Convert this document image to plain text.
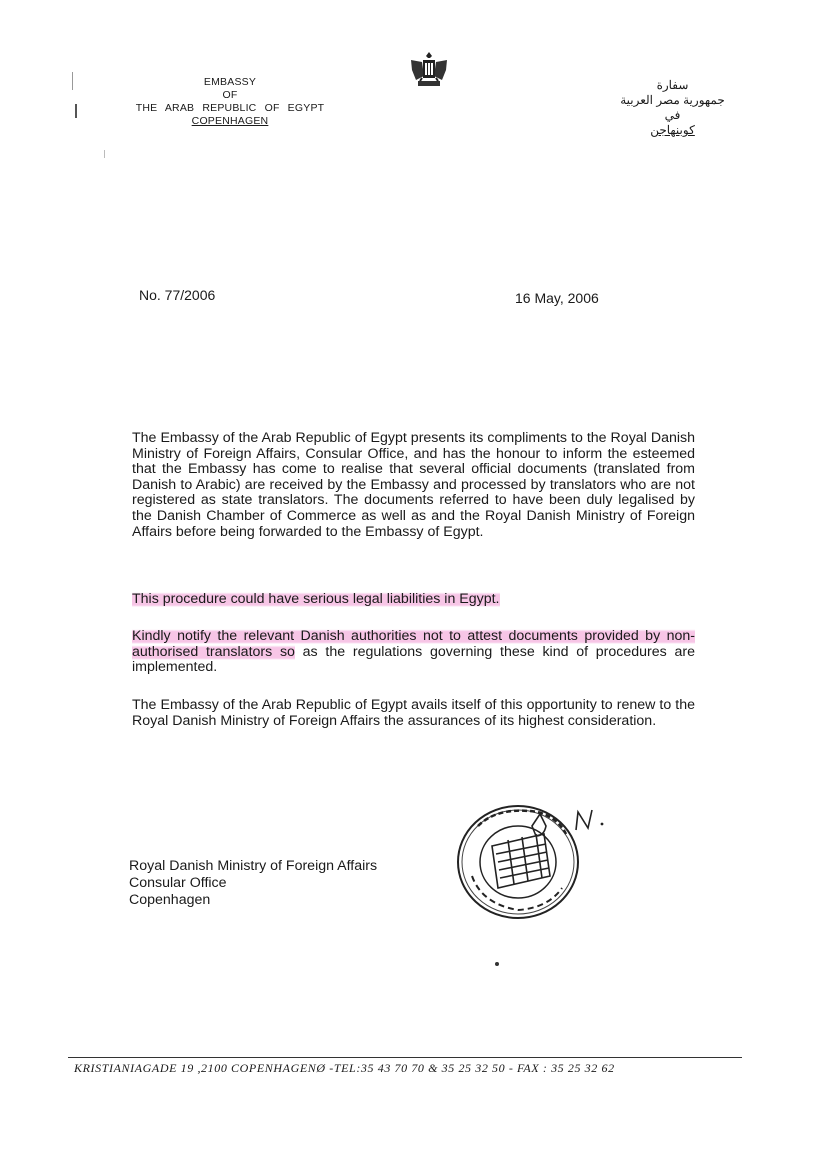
EMBASSY
OF
THE ARAB REPUBLIC OF EGYPT
COPENHAGEN
سفارة
جمهورية مصر العربية
في
كوبنهاجن
No. 77/2006	16 May, 2006
The Embassy of the Arab Republic of Egypt presents its compliments to the Royal Danish Ministry of Foreign Affairs, Consular Office, and has the honour to inform the esteemed that the Embassy has come to realise that several official documents (translated from Danish to Arabic) are received by the Embassy and processed by translators who are not registered as state translators. The documents referred to have been duly legalised by the Danish Chamber of Commerce as well as and the Royal Danish Ministry of Foreign Affairs before being forwarded to the Embassy of Egypt.
This procedure could have serious legal liabilities in Egypt.
Kindly notify the relevant Danish authorities not to attest documents provided by non-authorised translators so as the regulations governing these kind of procedures are implemented.
The Embassy of the Arab Republic of Egypt avails itself of this opportunity to renew to the Royal Danish Ministry of Foreign Affairs the assurances of its highest consideration.
Royal Danish Ministry of Foreign Affairs
Consular Office
Copenhagen
KRISTIANIAGADE 19 ,2100 COPENHAGENØ -TEL:35 43 70 70 & 35 25 32 50 - FAX : 35 25 32 62
